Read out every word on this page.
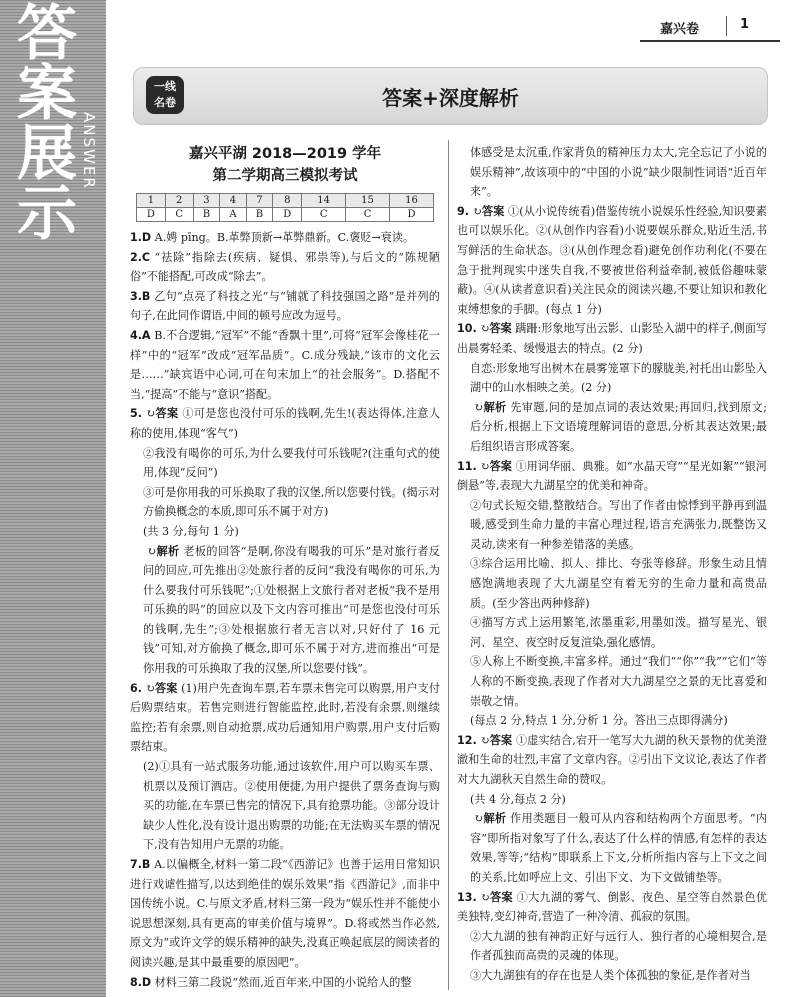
答
案
展
示
ANSWER
嘉兴卷	1
一线
名卷	答案+深度解析
嘉兴平湖 2018—2019 学年
第二学期高三模拟考试
1	2	3	4	7	8	14	15	16
D	C	B	A	B	D	C	C	D

1.D A.娉 pīng。B.革弊顶新→革弊鼎新。C.褒贬→衰读。

2.C “祛除”指除去(疾病、疑惧、邪祟等),与后文的“陈规陋俗”不能搭配,可改成“除去”。

3.B 乙句“点亮了科技之光”与“铺就了科技强国之路”是并列的句子,在此同作谓语,中间的顿号应改为逗号。

4.A B.不合逻辑,“冠军”不能“香飘十里”,可将“冠军会像桂花一样”中的“冠军”改成“冠军品质”。C.成分残缺,“该市的文化云是……”缺宾语中心词,可在句末加上“的社会服务”。D.搭配不当,“提高”不能与“意识”搭配。

5. ↻答案 ①可是您也没付可乐的钱啊,先生!(表达得体,注意人称的使用,体现“客气”)

②我没有喝你的可乐,为什么要我付可乐钱呢?(注重句式的使用,体现“反问”)

③可是你用我的可乐换取了我的汉堡,所以您要付钱。(揭示对方偷换概念的本质,即可乐不属于对方)

(共 3 分,每句 1 分)

↻解析 老板的回答“是啊,你没有喝我的可乐”是对旅行者反问的回应,可先推出②处旅行者的反问“我没有喝你的可乐,为什么要我付可乐钱呢”;①处根据上文旅行者对老板“我不是用可乐换的吗”的回应以及下文内容可推出“可是您也没付可乐的钱啊,先生”;③处根据旅行者无言以对,只好付了 16 元钱”可知,对方偷换了概念,即可乐不属于对方,进而推出“可是你用我的可乐换取了我的汉堡,所以您要付钱”。

6. ↻答案 (1)用户先查询车票,若车票未售完可以购票,用户支付后购票结束。若售完则进行智能监控,此时,若没有余票,则继续监控;若有余票,则自动抢票,成功后通知用户购票,用户支付后购票结束。

(2)①具有一站式服务功能,通过该软件,用户可以购买车票、机票以及预订酒店。②使用便捷,为用户提供了票务查询与购买的功能,在车票已售完的情况下,具有抢票功能。③部分设计缺少人性化,没有设计退出购票的功能;在无法购买车票的情况下,没有告知用户无票的功能。

7.B A.以偏概全,材料一第二段“《西游记》也善于运用日常知识进行戏谑性描写,以达到绝佳的娱乐效果”指《西游记》,而非中国传统小说。C.与原文矛盾,材料三第一段为“娱乐性并不能使小说思想深刻,具有更高的审美价值与境界”。D.将或然当作必然,原文为“或许文学的娱乐精神的缺失,没真正唤起底层的阅读者的阅读兴趣,是其中最重要的原因吧”。

8.D 材料三第二段说“然而,近百年来,中国的小说给人的整

体感受是太沉重,作家背负的精神压力太大,完全忘记了小说的娱乐精神”,故该项中的“中国的小说”缺少限制性词语“近百年来”。

9. ↻答案 ①(从小说传统看)借鉴传统小说娱乐性经验,知识要素也可以娱乐化。②(从创作内容看)小说要娱乐群众,贴近生活,书写鲜活的生命状态。③(从创作理念看)避免创作功利化(不要在急于批判现实中迷失自我,不要被世俗利益牵制,被低俗趣味蒙蔽)。④(从读者意识看)关注民众的阅读兴趣,不要让知识和教化束缚想象的手脚。(每点 1 分)

10. ↻答案 蹒跚:形象地写出云影、山影坠入湖中的样子,侧面写出晨雾轻柔、缓慢退去的特点。(2 分)

自恋:形象地写出树木在晨雾笼罩下的朦胧美,衬托出山影坠入湖中的山水相映之美。(2 分)

↻解析 先审题,问的是加点词的表达效果;再回归,找到原文;后分析,根据上下文语境理解词语的意思,分析其表达效果;最后组织语言形成答案。

11. ↻答案 ①用词华丽、典雅。如“水晶天穹”“星光如絮”“银河倒悬”等,表现大九湖星空的优美和神奇。

②句式长短交错,整散结合。写出了作者由惊悸到平静再到温暖,感受到生命力量的丰富心理过程,语言充满张力,既整饬又灵动,读来有一种参差错落的美感。

③综合运用比喻、拟人、排比、夸张等修辞。形象生动且情感饱满地表现了大九湖星空有着无穷的生命力量和高贵品质。(至少答出两种修辞)

④描写方式上运用繁笔,浓墨重彩,用墨如泼。描写星光、银河、星空、夜空时反复渲染,强化感情。

⑤人称上不断变换,丰富多样。通过“我们”“你”“我”“它们”等人称的不断变换,表现了作者对大九湖星空之景的无比喜爱和崇敬之情。

(每点 2 分,特点 1 分,分析 1 分。答出三点即得满分)

12. ↻答案 ①虚实结合,宕开一笔写大九湖的秋天景物的优美澄澈和生命的壮烈,丰富了文章内容。②引出下文议论,表达了作者对大九湖秋天自然生命的赞叹。

(共 4 分,每点 2 分)

↻解析 作用类题目一般可从内容和结构两个方面思考。“内容”即所指对象写了什么,表达了什么样的情感,有怎样的表达效果,等等;“结构”即联系上下文,分析所指内容与上下文之间的关系,比如呼应上文、引出下文、为下文做铺垫等。

13. ↻答案 ①大九湖的雾气、倒影、夜色、星空等自然景色优美独特,变幻神奇,营造了一种冷清、孤寂的氛围。

②大九湖的独有神韵正好与远行人、独行者的心境相契合,是作者孤独而高贵的灵魂的体现。

③大九湖独有的存在也是人类个体孤独的象征,是作者对当
